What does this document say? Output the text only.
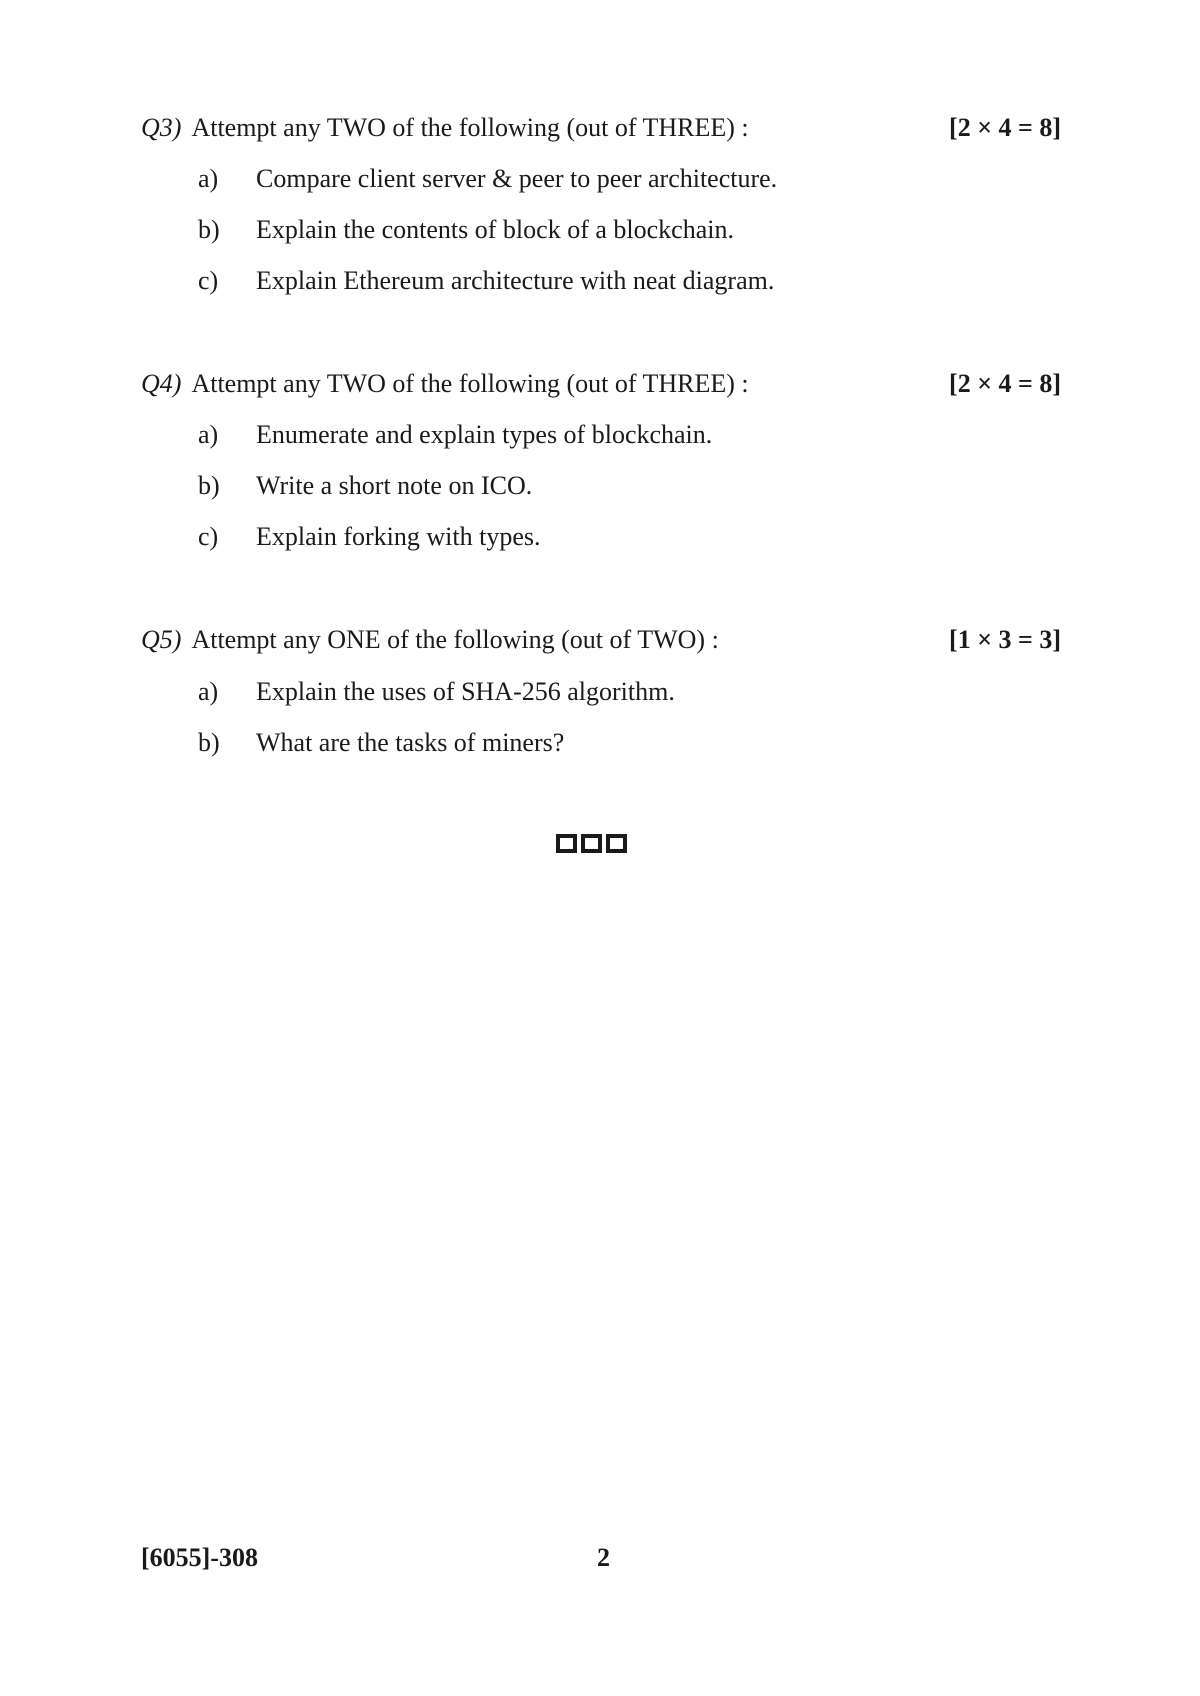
Q3) Attempt any TWO of the following (out of THREE) :	[2 × 4 = 8]
a) Compare client server & peer to peer architecture.
b) Explain the contents of block of a blockchain.
c) Explain Ethereum architecture with neat diagram.
Q4) Attempt any TWO of the following (out of THREE) :	[2 × 4 = 8]
a) Enumerate and explain types of blockchain.
b) Write a short note on ICO.
c) Explain forking with types.
Q5) Attempt any ONE of the following (out of TWO) :	[1 × 3 = 3]
a) Explain the uses of SHA-256 algorithm.
b) What are the tasks of miners?
[6055]-308	2
